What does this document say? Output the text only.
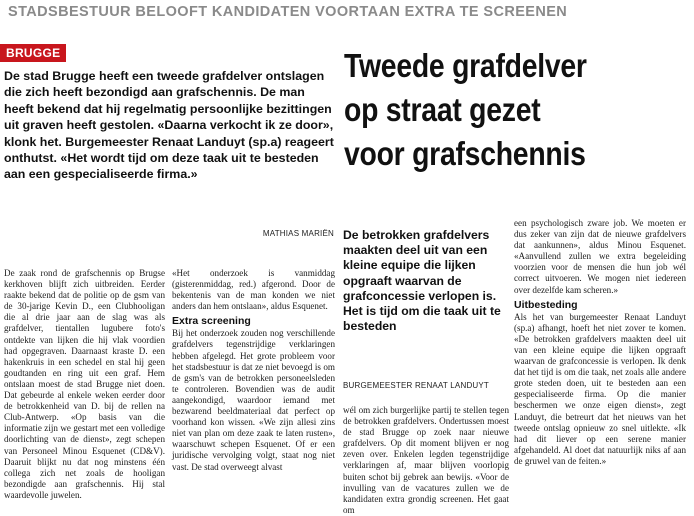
STADSBESTUUR BELOOFT KANDIDATEN VOORTAAN EXTRA TE SCREENEN
BRUGGE

De stad Brugge heeft een tweede grafdelver ontslagen die zich heeft bezondigd aan grafschennis. De man heeft bekend dat hij regelmatig persoonlijke bezittingen uit graven heeft gestolen. «Daarna verkocht ik ze door», klonk het. Burgemeester Renaat Landuyt (sp.a) reageert onthutst. «Het wordt tijd om deze taak uit te besteden aan een gespecialiseerde firma.»

MATHIAS MARIËN
Tweede grafdelver
op straat gezet
voor grafschennis

De zaak rond de grafschennis op Brugse kerkhoven blijft zich uitbreiden. Eerder raakte bekend dat de politie op de gsm van de 30-jarige Kevin D., een Clubhooligan die al drie jaar aan de slag was als grafdelver, tientallen lugubere foto's ontdekte van lijken die hij vlak voordien had opgegraven. Daarnaast kraste D. een hakenkruis in een schedel en stal hij geen goudtanden en ring uit een graf. Hem ontslaan moest de stad Brugge niet doen. Dat gebeurde al enkele weken eerder door de betrokkenheid van D. bij de rellen na Club-Antwerp. «Op basis van die informatie zijn we gestart met een volledige doorlichting van de dienst», zegt schepen van Personeel Minou Esquenet (CD&V). Daaruit blijkt nu dat nog minstens één collega zich net zoals de hooligan bezondigde aan grafschennis. Hij stal waardevolle juwelen.

«Het onderzoek is vanmiddag (gisterenmiddag, red.) afgerond. Door de bekentenis van de man konden we niet anders dan hem ontslaan», aldus Esquenet.

Extra screening

Bij het onderzoek zouden nog verschillende grafdelvers tegenstrijdige verklaringen hebben afgelegd. Het grote probleem voor het stadsbestuur is dat ze niet bevoegd is om de gsm's van de betrokken personeelsleden te controleren. Bovendien was de audit aangekondigd, waardoor iemand met bezwarend beeldmateriaal dat perfect op voorhand kon wissen. «We zijn allesi zins niet van plan om deze zaak te laten rusten», waarschuwt schepen Esquenet. Of er een juridische vervolging volgt, staat nog niet vast. De stad overweegt alvast

De betrokken grafdelvers maakten deel uit van een kleine equipe die lijken opgraaft waarvan de grafconcessie verlopen is. Het is tijd om die taak uit te besteden
BURGEMEESTER RENAAT LANDUYT

wél om zich burgerlijke partij te stellen tegen de betrokken grafdelvers. Ondertussen moest de stad Brugge op zoek naar nieuwe grafdelvers. Op dit moment blijven er nog zeven over. Enkelen legden tegenstrijdige verklaringen af, maar blijven voorlopig buiten schot bij gebrek aan bewijs. «Voor de invulling van de vacatures zullen we de kandidaten extra grondig screenen. Het gaat om

een psychologisch zware job. We moeten er dus zeker van zijn dat de nieuwe grafdelvers dat aankunnen», aldus Minou Esquenet. «Aanvullend zullen we extra begeleiding voorzien voor de mensen die hun job wél correct uitvoeren. We mogen niet iedereen over dezelfde kam scheren.»

Uitbesteding

Als het van burgemeester Renaat Landuyt (sp.a) afhangt, hoeft het niet zover te komen. «De betrokken grafdelvers maakten deel uit van een kleine equipe die lijken opgraaft waarvan de grafconcessie is verlopen. Ik denk dat het tijd is om die taak, net zoals alle andere grote steden doen, uit te besteden aan een gespecialiseerde firma. Op die manier beschermen we onze eigen dienst», zegt Landuyt, die betreurt dat het nieuws van het tweede ontslag opnieuw zo snel uitlekte. «Ik had dit liever op een serene manier afgehandeld. Al doet dat natuurlijk niks af aan de gruwel van de feiten.»
